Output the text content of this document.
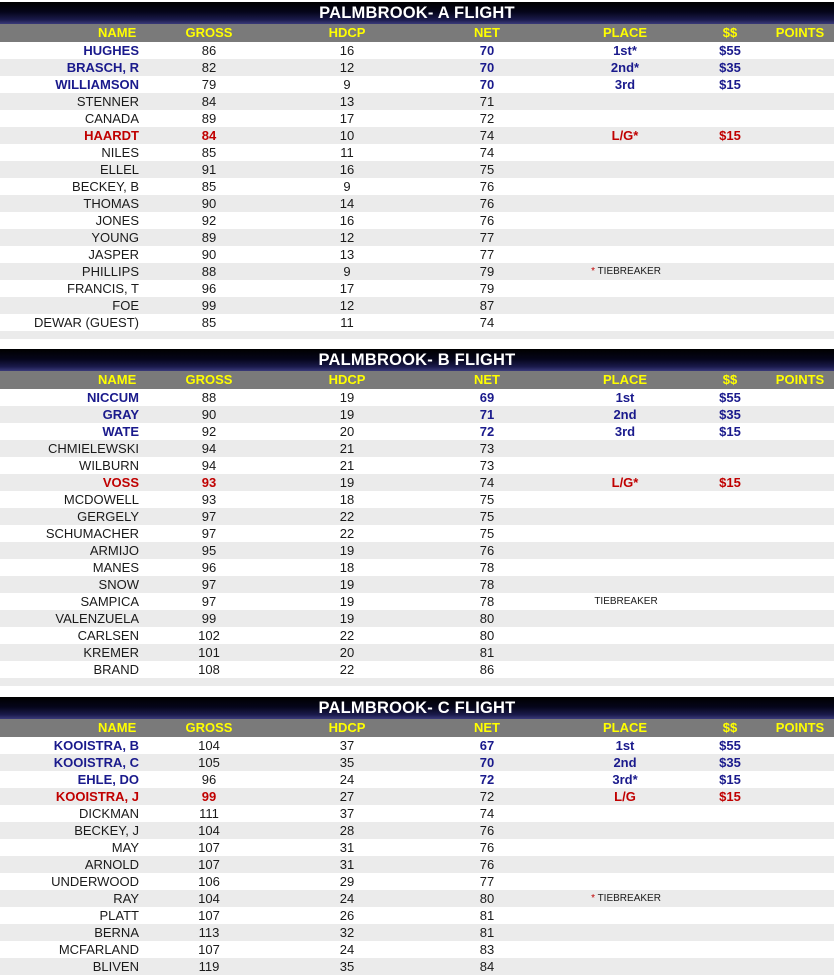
PALMBROOK- A FLIGHT
NAME	GROSS	HDCP	NET	PLACE	$$	POINTS
HUGHES	86	16	70	1st*	$55
BRASCH, R	82	12	70	2nd*	$35
WILLIAMSON	79	9	70	3rd	$15
STENNER	84	13	71
CANADA	89	17	72
HAARDT	84	10	74	L/G*	$15
NILES	85	11	74
ELLEL	91	16	75
BECKEY, B	85	9	76
THOMAS	90	14	76
JONES	92	16	76
YOUNG	89	12	77
JASPER	90	13	77
PHILLIPS	88	9	79
FRANCIS, T	96	17	79
FOE	99	12	87
DEWAR (GUEST)	85	11	74
* TIEBREAKER
PALMBROOK- B FLIGHT
NAME	GROSS	HDCP	NET	PLACE	$$	POINTS
NICCUM	88	19	69	1st	$55
GRAY	90	19	71	2nd	$35
WATE	92	20	72	3rd	$15
CHMIELEWSKI	94	21	73
WILBURN	94	21	73
VOSS	93	19	74	L/G*	$15
MCDOWELL	93	18	75
GERGELY	97	22	75
SCHUMACHER	97	22	75
ARMIJO	95	19	76
MANES	96	18	78
SNOW	97	19	78
SAMPICA	97	19	78
VALENZUELA	99	19	80
CARLSEN	102	22	80
KREMER	101	20	81
BRAND	108	22	86
TIEBREAKER
PALMBROOK- C FLIGHT
NAME	GROSS	HDCP	NET	PLACE	$$	POINTS
KOOISTRA, B	104	37	67	1st	$55
KOOISTRA, C	105	35	70	2nd	$35
EHLE, DO	96	24	72	3rd*	$15
KOOISTRA, J	99	27	72	L/G	$15
DICKMAN	111	37	74
BECKEY, J	104	28	76
MAY	107	31	76
ARNOLD	107	31	76
UNDERWOOD	106	29	77
RAY	104	24	80
PLATT	107	26	81
BERNA	113	32	81
MCFARLAND	107	24	83
BLIVEN	119	35	84
* TIEBREAKER
